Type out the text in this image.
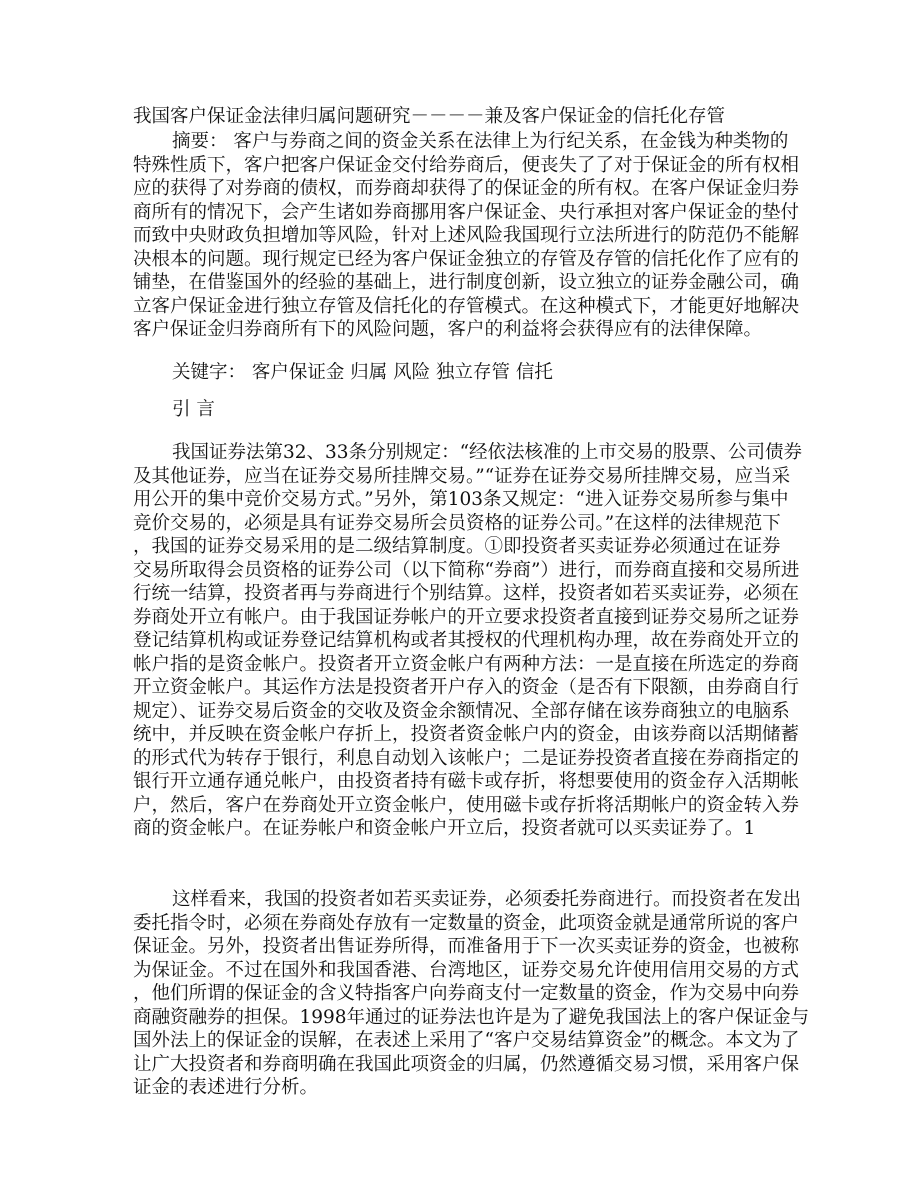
我国客户保证金法律归属问题研究－－－－兼及客户保证金的信托化存管
摘要： 客户与券商之间的资金关系在法律上为行纪关系，在金钱为种类物的
特殊性质下，客户把客户保证金交付给券商后，便丧失了了对于保证金的所有权相
应的获得了对券商的债权，而券商却获得了的保证金的所有权。在客户保证金归券
商所有的情况下，会产生诸如券商挪用客户保证金、央行承担对客户保证金的垫付
而致中央财政负担增加等风险，针对上述风险我国现行立法所进行的防范仍不能解
决根本的问题。现行规定已经为客户保证金独立的存管及存管的信托化作了应有的
铺垫，在借鉴国外的经验的基础上，进行制度创新，设立独立的证券金融公司，确
立客户保证金进行独立存管及信托化的存管模式。在这种模式下，才能更好地解决
客户保证金归券商所有下的风险问题，客户的利益将会获得应有的法律保障。
关键字： 客户保证金 归属 风险 独立存管 信托
引 言
我国证券法第32、33条分别规定：“经依法核准的上市交易的股票、公司债券
及其他证券，应当在证券交易所挂牌交易。”“证券在证券交易所挂牌交易，应当采
用公开的集中竞价交易方式。”另外，第103条又规定：“进入证券交易所参与集中
竞价交易的，必须是具有证券交易所会员资格的证券公司。”在这样的法律规范下
，我国的证券交易采用的是二级结算制度。①即投资者买卖证券必须通过在证券
交易所取得会员资格的证券公司（以下简称“券商”）进行，而券商直接和交易所进
行统一结算，投资者再与券商进行个别结算。这样，投资者如若买卖证券，必须在
券商处开立有帐户。由于我国证券帐户的开立要求投资者直接到证券交易所之证券
登记结算机构或证券登记结算机构或者其授权的代理机构办理，故在券商处开立的
帐户指的是资金帐户。投资者开立资金帐户有两种方法：一是直接在所选定的券商
开立资金帐户。其运作方法是投资者开户存入的资金（是否有下限额，由券商自行
规定）、证券交易后资金的交收及资金余额情况、全部存储在该券商独立的电脑系
统中，并反映在资金帐户存折上，投资者资金帐户内的资金，由该券商以活期储蓄
的形式代为转存于银行，利息自动划入该帐户；二是证券投资者直接在券商指定的
银行开立通存通兑帐户，由投资者持有磁卡或存折，将想要使用的资金存入活期帐
户，然后，客户在券商处开立资金帐户，使用磁卡或存折将活期帐户的资金转入券
商的资金帐户。在证券帐户和资金帐户开立后，投资者就可以买卖证券了。1
这样看来，我国的投资者如若买卖证券，必须委托券商进行。而投资者在发出
委托指令时，必须在券商处存放有一定数量的资金，此项资金就是通常所说的客户
保证金。另外，投资者出售证券所得，而准备用于下一次买卖证券的资金，也被称
为保证金。不过在国外和我国香港、台湾地区，证券交易允许使用信用交易的方式
，他们所谓的保证金的含义特指客户向券商支付一定数量的资金，作为交易中向券
商融资融券的担保。1998年通过的证券法也许是为了避免我国法上的客户保证金与
国外法上的保证金的误解，在表述上采用了“客户交易结算资金”的概念。本文为了
让广大投资者和券商明确在我国此项资金的归属，仍然遵循交易习惯，采用客户保
证金的表述进行分析。
